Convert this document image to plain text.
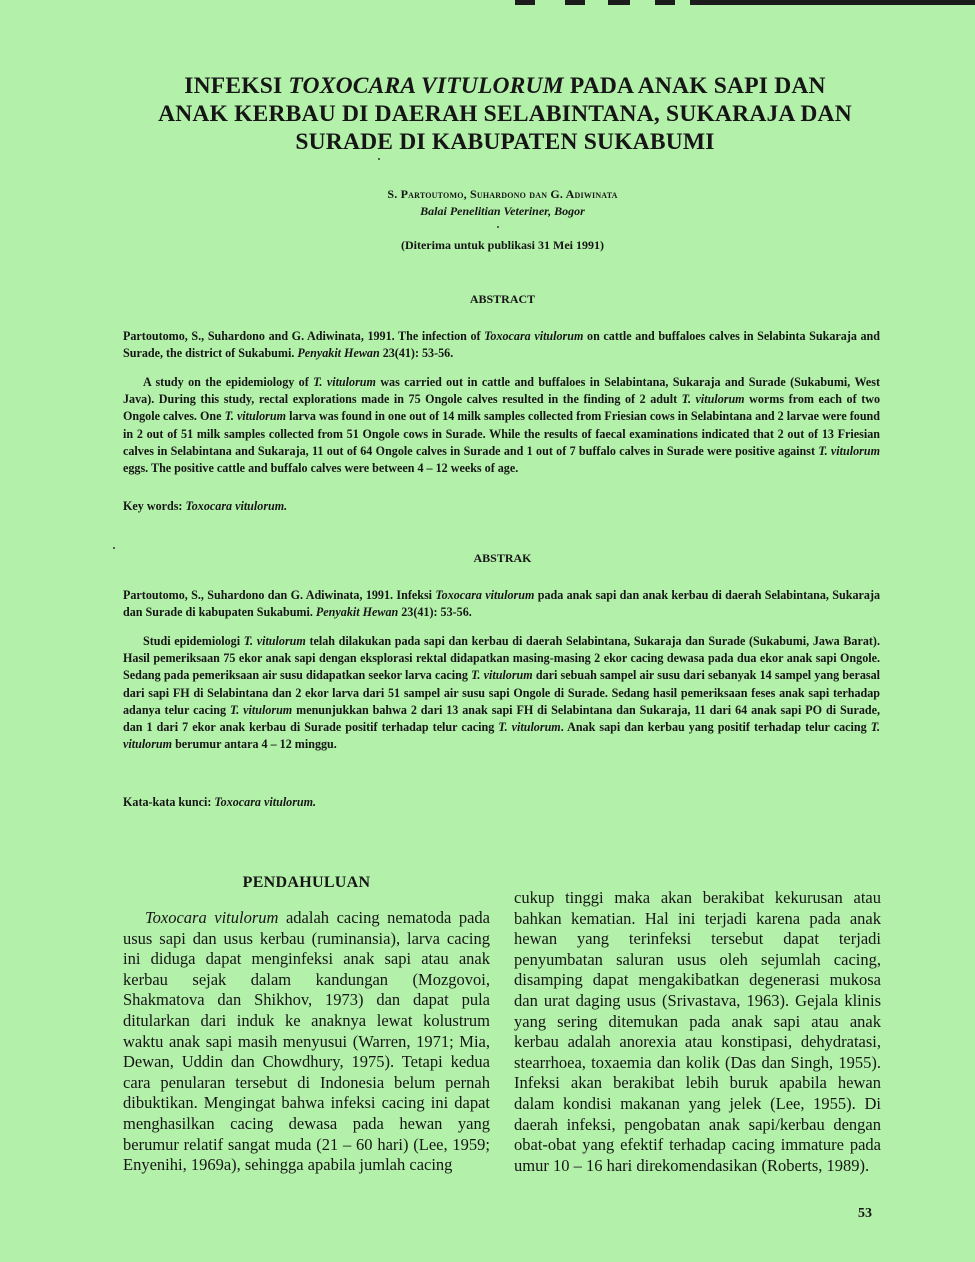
INFEKSI TOXOCARA VITULORUM PADA ANAK SAPI DAN
ANAK KERBAU DI DAERAH SELABINTANA, SUKARAJA DAN
SURADE DI KABUPATEN SUKABUMI
S. Partoutomo, Suhardono dan G. Adiwinata
Balai Penelitian Veteriner, Bogor
(Diterima untuk publikasi 31 Mei 1991)
ABSTRACT
Partoutomo, S., Suhardono and G. Adiwinata, 1991. The infection of Toxocara vitulorum on cattle and buffaloes calves in Selabinta Sukaraja and Surade, the district of Sukabumi. Penyakit Hewan 23(41): 53-56.
A study on the epidemiology of T. vitulorum was carried out in cattle and buffaloes in Selabintana, Sukaraja and Surade (Sukabumi, West Java). During this study, rectal explorations made in 75 Ongole calves resulted in the finding of 2 adult T. vitulorum worms from each of two Ongole calves. One T. vitulorum larva was found in one out of 14 milk samples collected from Friesian cows in Selabintana and 2 larvae were found in 2 out of 51 milk samples collected from 51 Ongole cows in Surade. While the results of faecal examinations indicated that 2 out of 13 Friesian calves in Selabintana and Sukaraja, 11 out of 64 Ongole calves in Surade and 1 out of 7 buffalo calves in Surade were positive against T. vitulorum eggs. The positive cattle and buffalo calves were between 4 – 12 weeks of age.
Key words: Toxocara vitulorum.
ABSTRAK
Partoutomo, S., Suhardono dan G. Adiwinata, 1991. Infeksi Toxocara vitulorum pada anak sapi dan anak kerbau di daerah Selabintana, Sukaraja dan Surade di kabupaten Sukabumi. Penyakit Hewan 23(41): 53-56.
Studi epidemiologi T. vitulorum telah dilakukan pada sapi dan kerbau di daerah Selabintana, Sukaraja dan Surade (Sukabumi, Jawa Barat). Hasil pemeriksaan 75 ekor anak sapi dengan eksplorasi rektal didapatkan masing-masing 2 ekor cacing dewasa pada dua ekor anak sapi Ongole. Sedang pada pemeriksaan air susu didapatkan seekor larva cacing T. vitulorum dari sebuah sampel air susu dari sebanyak 14 sampel yang berasal dari sapi FH di Selabintana dan 2 ekor larva dari 51 sampel air susu sapi Ongole di Surade. Sedang hasil pemeriksaan feses anak sapi terhadap adanya telur cacing T. vitulorum menunjukkan bahwa 2 dari 13 anak sapi FH di Selabintana dan Sukaraja, 11 dari 64 anak sapi PO di Surade, dan 1 dari 7 ekor anak kerbau di Surade positif terhadap telur cacing T. vitulorum. Anak sapi dan kerbau yang positif terhadap telur cacing T. vitulorum berumur antara 4 – 12 minggu.
Kata-kata kunci: Toxocara vitulorum.
PENDAHULUAN
Toxocara vitulorum adalah cacing nematoda pada usus sapi dan usus kerbau (ruminansia), larva cacing ini diduga dapat menginfeksi anak sapi atau anak kerbau sejak dalam kandungan (Mozgovoi, Shakmatova dan Shikhov, 1973) dan dapat pula ditularkan dari induk ke anaknya lewat kolustrum waktu anak sapi masih menyusui (Warren, 1971; Mia, Dewan, Uddin dan Chowdhury, 1975). Tetapi kedua cara penularan tersebut di Indonesia belum pernah dibuktikan. Mengingat bahwa infeksi cacing ini dapat menghasilkan cacing dewasa pada hewan yang berumur relatif sangat muda (21 – 60 hari) (Lee, 1959; Enyenihi, 1969a), sehingga apabila jumlah cacing
cukup tinggi maka akan berakibat kekurusan atau bahkan kematian. Hal ini terjadi karena pada anak hewan yang terinfeksi tersebut dapat terjadi penyumbatan saluran usus oleh sejumlah cacing, disamping dapat mengakibatkan degenerasi mukosa dan urat daging usus (Srivastava, 1963). Gejala klinis yang sering ditemukan pada anak sapi atau anak kerbau adalah anorexia atau konstipasi, dehydratasi, stearrhoea, toxaemia dan kolik (Das dan Singh, 1955). Infeksi akan berakibat lebih buruk apabila hewan dalam kondisi makanan yang jelek (Lee, 1955). Di daerah infeksi, pengobatan anak sapi/kerbau dengan obat-obat yang efektif terhadap cacing immature pada umur 10 – 16 hari direkomendasikan (Roberts, 1989).
53
